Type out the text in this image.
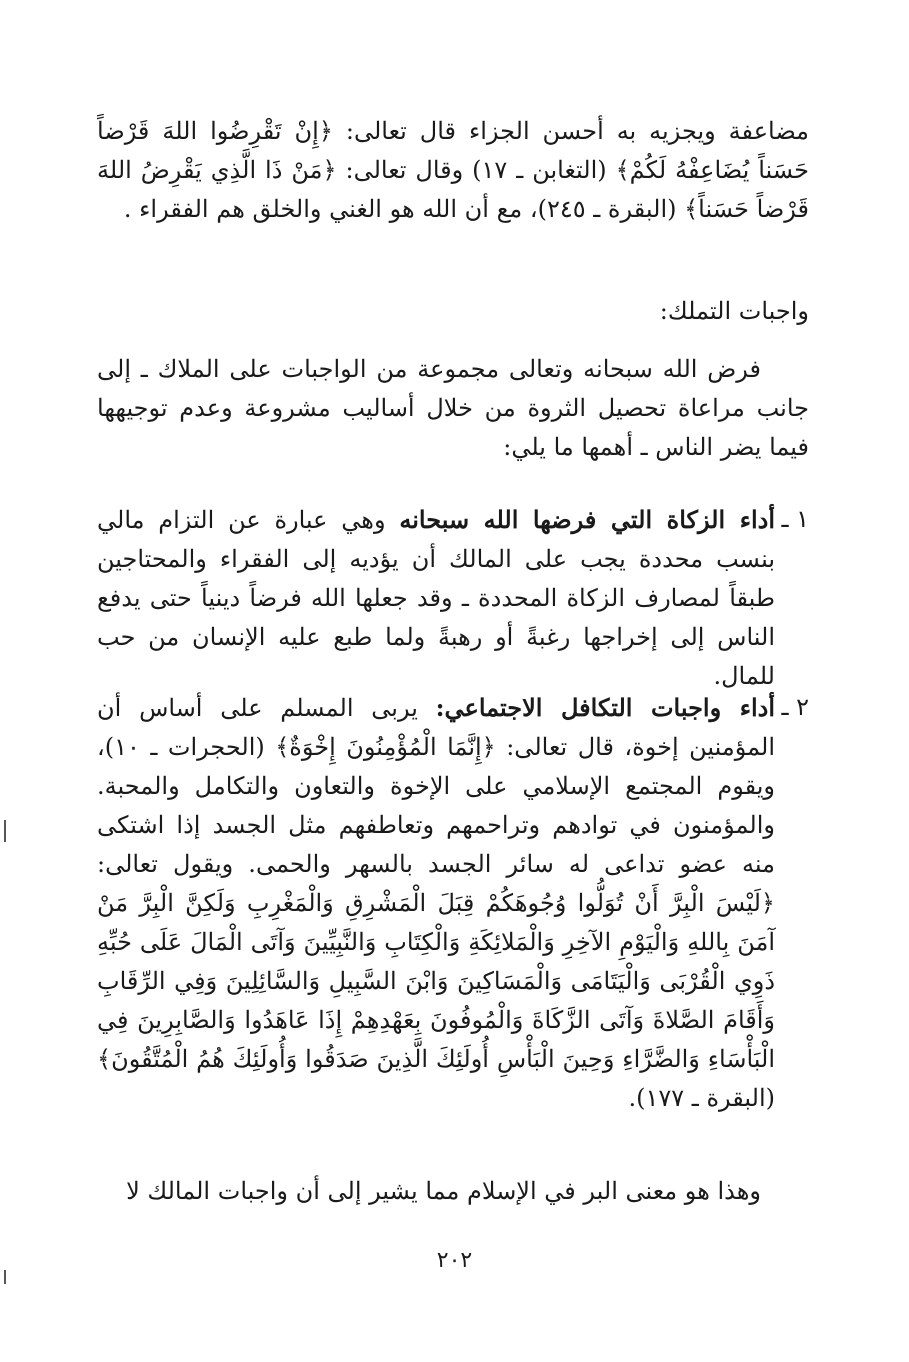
مضاعفة ويجزيه به أحسن الجزاء قال تعالى: ﴿إِنْ تَقْرِضُوا اللهَ قَرْضاً حَسَناً يُضَاعِفْهُ لَكُمْ﴾ (التغابن ـ ١٧) وقال تعالى: ﴿مَنْ ذَا الَّذِي يَقْرِضُ اللهَ قَرْضاً حَسَناً﴾ (البقرة ـ ٢٤٥)، مع أن الله هو الغني والخلق هم الفقراء .

واجبات التملك:

فرض الله سبحانه وتعالى مجموعة من الواجبات على الملاك ـ إلى جانب مراعاة تحصيل الثروة من خلال أساليب مشروعة وعدم توجيهها فيما يضر الناس ـ أهمها ما يلي:

١ ـ
أداء الزكاة التي فرضها الله سبحانه وهي عبارة عن التزام مالي بنسب محددة يجب على المالك أن يؤديه إلى الفقراء والمحتاجين طبقاً لمصارف الزكاة المحددة ـ وقد جعلها الله فرضاً دينياً حتى يدفع الناس إلى إخراجها رغبةً أو رهبةً ولما طبع عليه الإنسان من حب للمال.
٢ ـ
أداء واجبات التكافل الاجتماعي: يربى المسلم على أساس أن المؤمنين إخوة، قال تعالى: ﴿إِنَّمَا الْمُؤْمِنُونَ إِخْوَةٌ﴾ (الحجرات ـ ١٠)، ويقوم المجتمع الإسلامي على الإخوة والتعاون والتكامل والمحبة. والمؤمنون في توادهم وتراحمهم وتعاطفهم مثل الجسد إذا اشتكى منه عضو تداعى له سائر الجسد بالسهر والحمى. ويقول تعالى: ﴿لَيْسَ الْبِرَّ أَنْ تُوَلُّوا وُجُوهَكُمْ قِبَلَ الْمَشْرِقِ وَالْمَغْرِبِ وَلَكِنَّ الْبِرَّ مَنْ آمَنَ بِاللهِ وَالْيَوْمِ الآخِرِ وَالْمَلائِكَةِ وَالْكِتَابِ وَالنَّبِيِّينَ وَآتَى الْمَالَ عَلَى حُبِّهِ ذَوِي الْقُرْبَى وَالْيَتَامَى وَالْمَسَاكِينَ وَابْنَ السَّبِيلِ وَالسَّائِلِينَ وَفِي الرِّقَابِ وَأَقَامَ الصَّلاةَ وَآتَى الزَّكَاةَ وَالْمُوفُونَ بِعَهْدِهِمْ إِذَا عَاهَدُوا وَالصَّابِرِينَ فِي الْبَأْسَاءِ وَالضَّرَّاءِ وَحِينَ الْبَأْسِ أُولَئِكَ الَّذِينَ صَدَقُوا وَأُولَئِكَ هُمُ الْمُتَّقُونَ﴾ (البقرة ـ ١٧٧).

وهذا هو معنى البر في الإسلام مما يشير إلى أن واجبات المالك لا

٢٠٢
